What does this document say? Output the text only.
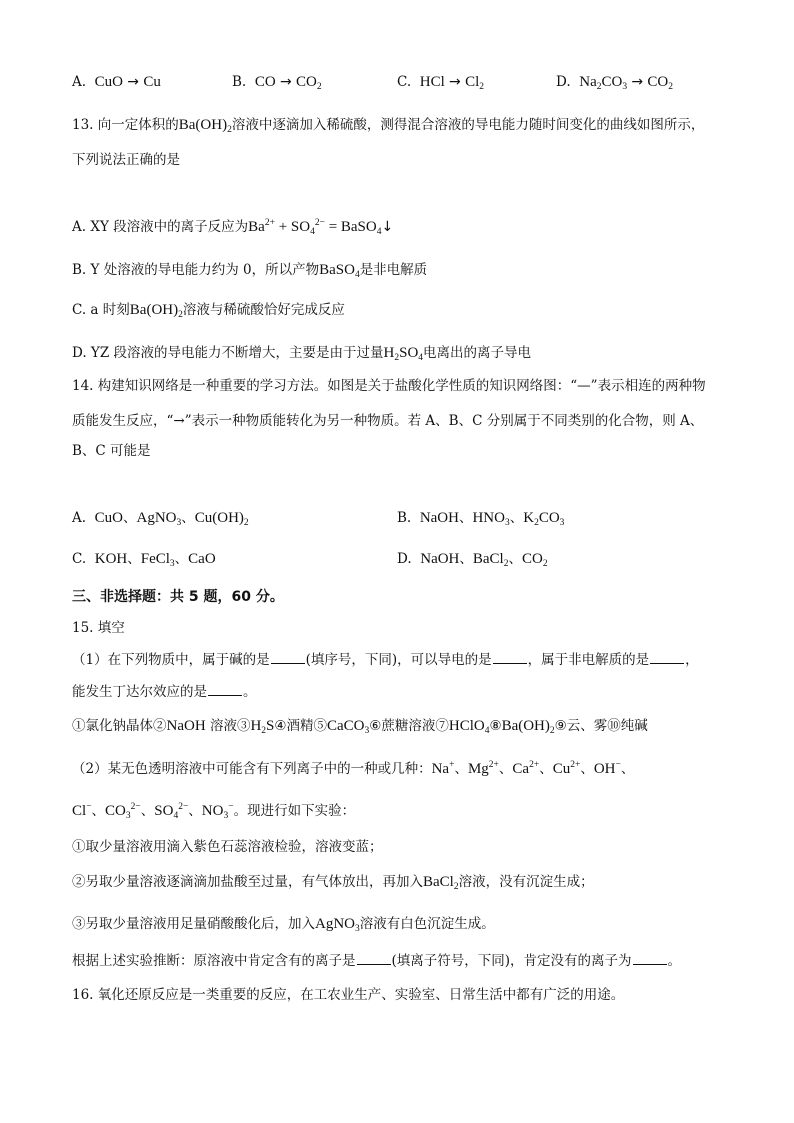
A. CuO → Cu	B. CO → $CO_2$	C. HCl → $Cl_2$	D. $Na_2CO_3 \to CO_2$
13. 向一定体积的$Ba(OH)_2$溶液中逐滴加入稀硫酸，测得混合溶液的导电能力随时间变化的曲线如图所示，
下列说法正确的是
A. XY 段溶液中的离子反应为$Ba^{2+} + SO_4^{2-}$ = BaSO$_4$↓
B. Y 处溶液的导电能力约为 0，所以产物BaSO$_4$是非电解质
C. a 时刻$Ba(OH)_2$溶液与稀硫酸恰好完成反应
D. YZ 段溶液的导电能力不断增大，主要是由于过量$H_2SO_4$电离出的离子导电
14. 构建知识网络是一种重要的学习方法。如图是关于盐酸化学性质的知识网络图：“—”表示相连的两种物
质能发生反应，“→”表示一种物质能转化为另一种物质。若 A、B、C 分别属于不同类别的化合物，则 A、
B、C 可能是
A. CuO、AgNO$_3$、$Cu(OH)_2$	B. NaOH、$HNO_3$、$K_2CO_3$
C. KOH、FeCl$_3$、CaO	D. NaOH、BaCl$_2$、$CO_2$
三、非选择题：共 5 题，60 分。
15. 填空
（1）在下列物质中，属于碱的是	(填序号，下同)，可以导电的是	，属于非电解质的是	，
能发生丁达尔效应的是	。
①氯化钠晶体②NaOH 溶液$③H_2S④$酒精⑤CaCO$_3$⑥蔗糖溶液$⑦HClO_4⑧Ba(OH)_2⑨$云、雾⑩纯碱
（2）某无色透明溶液中可能含有下列离子中的一种或几种：Na+、$Mg^{2+}$、$Ca^{2+}$、$Cu^{2+}$、OH−、
Cl−、$CO_3^{2-}$、$SO_4^{2-}$、$NO_3^-$。现进行如下实验：
①取少量溶液用滴入紫色石蕊溶液检验，溶液变蓝；
②另取少量溶液逐滴滴加盐酸至过量，有气体放出，再加入BaCl$_2$溶液，没有沉淀生成；
③另取少量溶液用足量硝酸酸化后，加入AgNO$_3$溶液有白色沉淀生成。
根据上述实验推断：原溶液中肯定含有的离子是	(填离子符号，下同)，肯定没有的离子为	。
16. 氧化还原反应是一类重要的反应，在工农业生产、实验室、日常生活中都有广泛的用途。
